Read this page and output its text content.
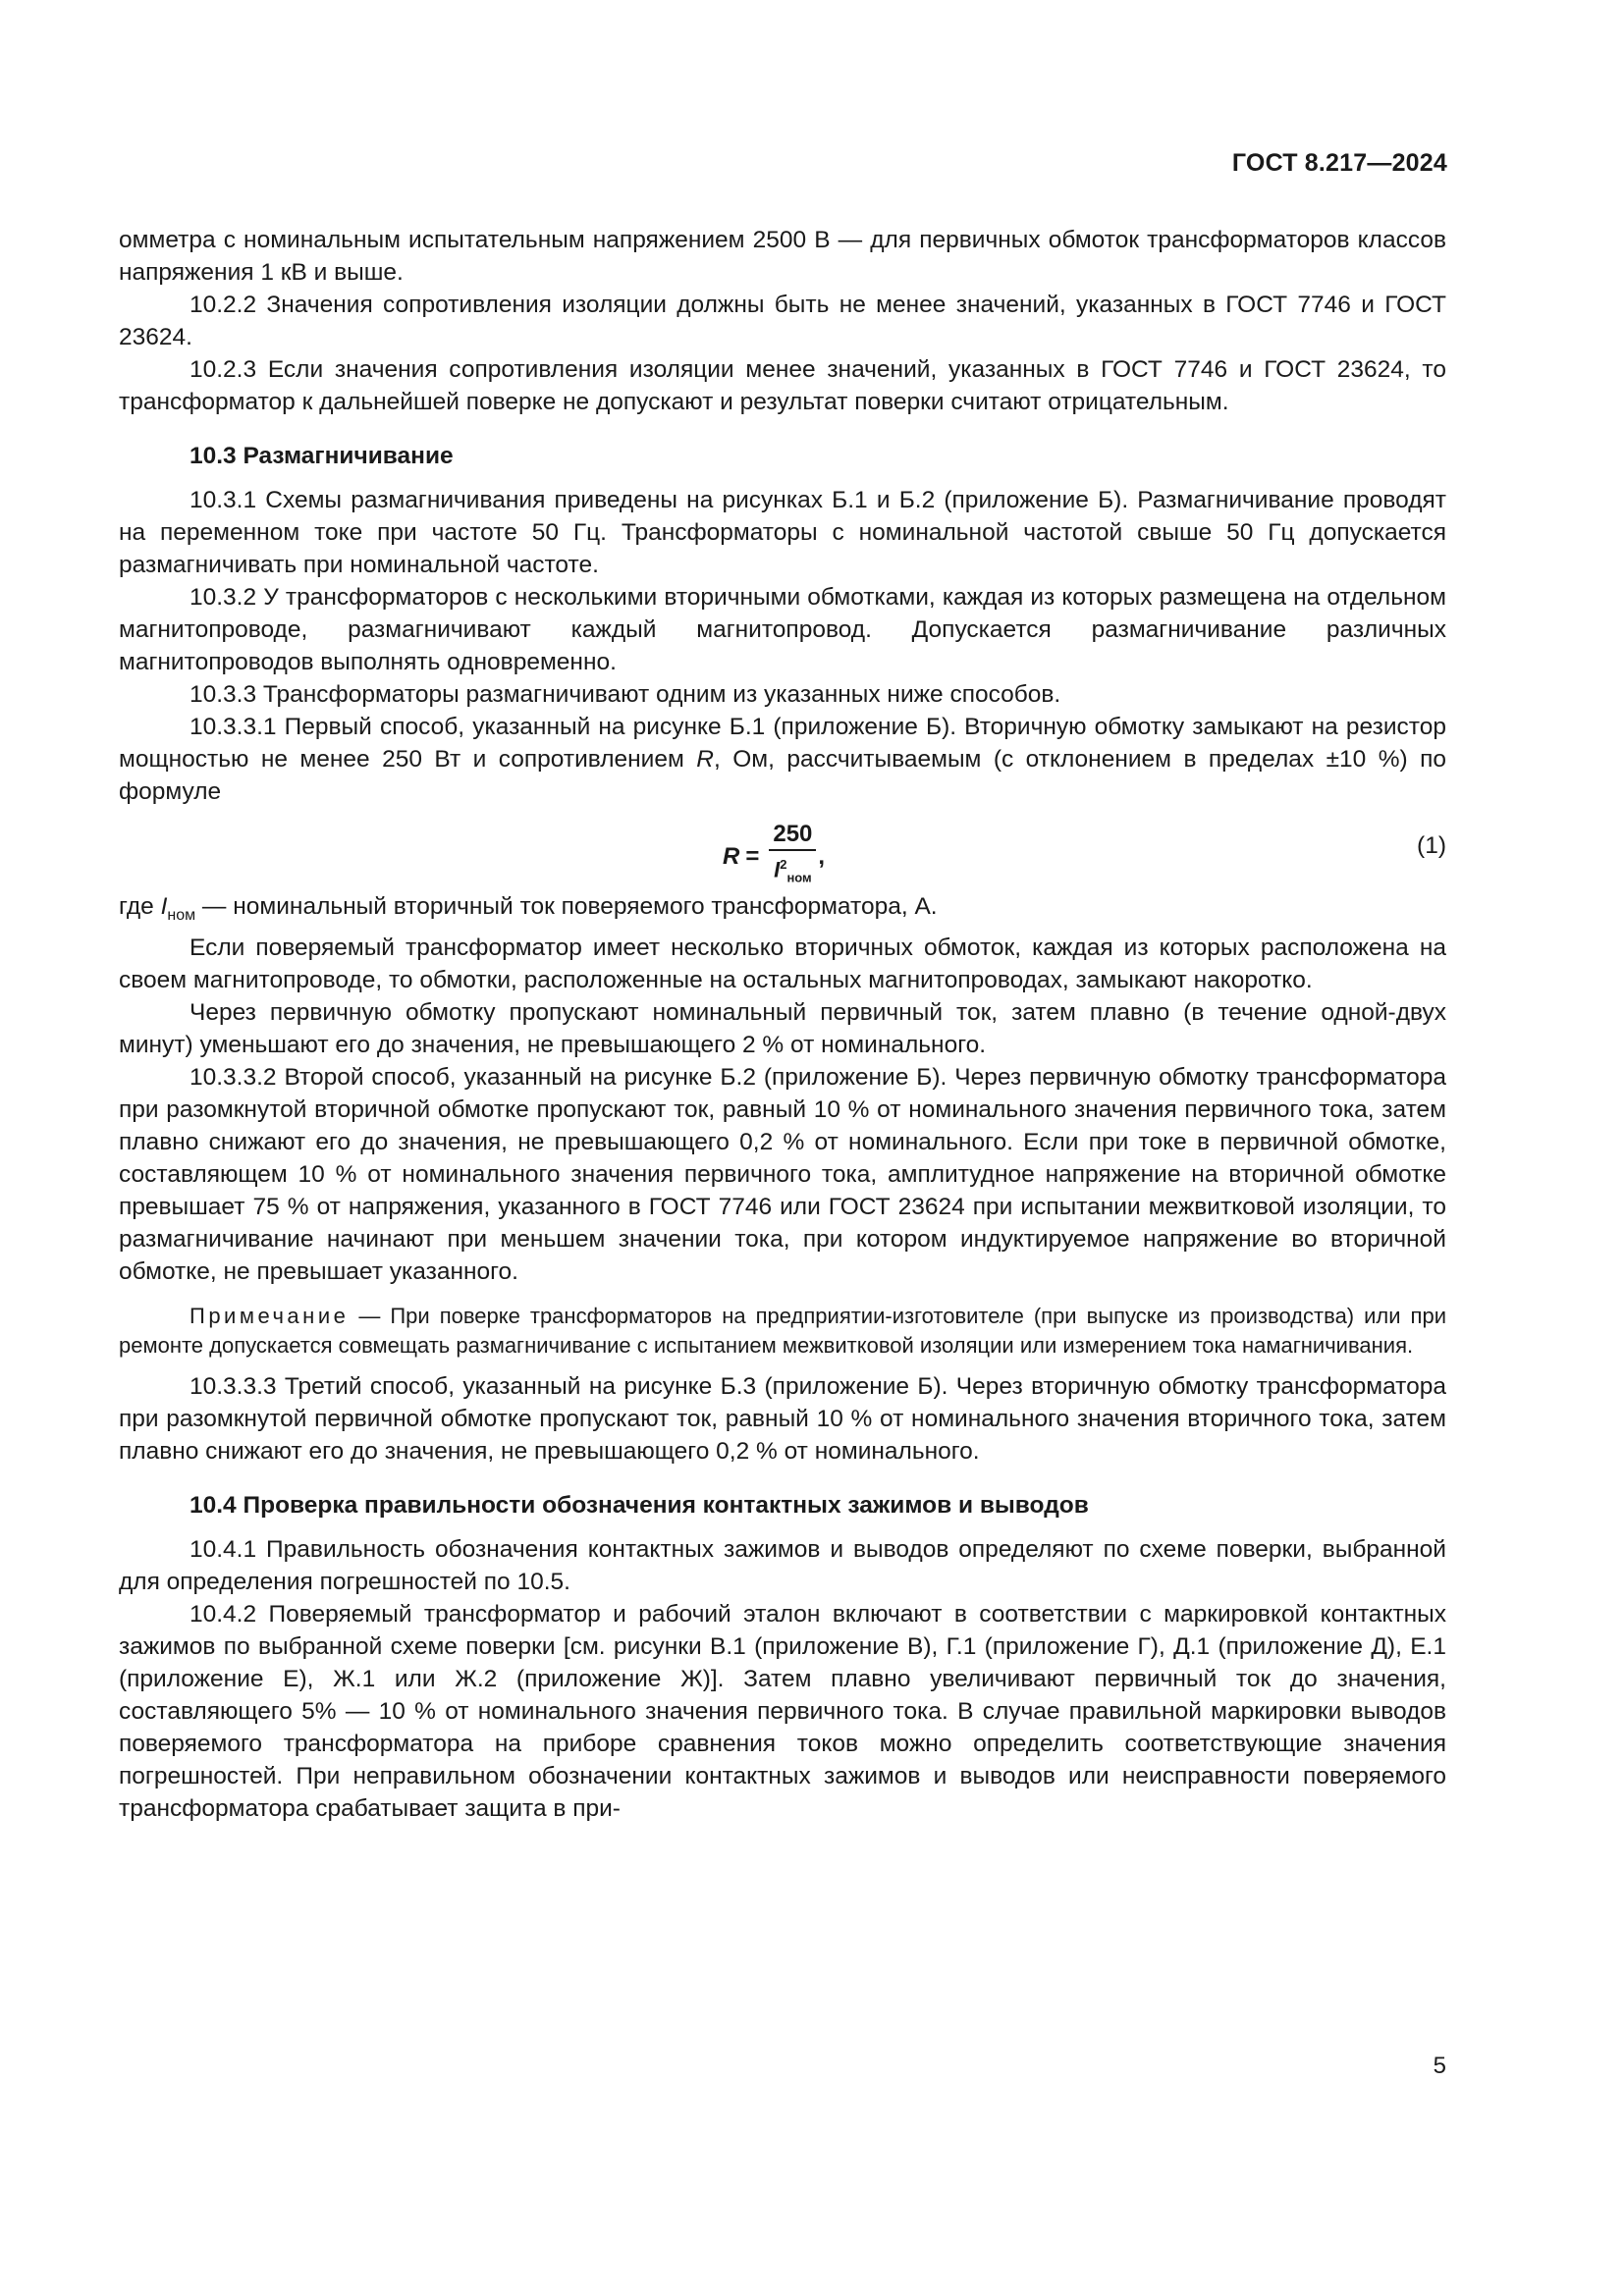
ГОСТ 8.217—2024

омметра с номинальным испытательным напряжением 2500 В — для первичных обмоток трансформаторов классов напряжения 1 кВ и выше.

10.2.2 Значения сопротивления изоляции должны быть не менее значений, указанных в ГОСТ 7746 и ГОСТ 23624.

10.2.3 Если значения сопротивления изоляции менее значений, указанных в ГОСТ 7746 и ГОСТ 23624, то трансформатор к дальнейшей поверке не допускают и результат поверки считают отрицательным.

10.3 Размагничивание

10.3.1 Схемы размагничивания приведены на рисунках Б.1 и Б.2 (приложение Б). Размагничивание проводят на переменном токе при частоте 50 Гц. Трансформаторы с номинальной частотой свыше 50 Гц допускается размагничивать при номинальной частоте.

10.3.2 У трансформаторов с несколькими вторичными обмотками, каждая из которых размещена на отдельном магнитопроводе, размагничивают каждый магнитопровод. Допускается размагничивание различных магнитопроводов выполнять одновременно.

10.3.3 Трансформаторы размагничивают одним из указанных ниже способов.

10.3.3.1 Первый способ, указанный на рисунке Б.1 (приложение Б). Вторичную обмотку замыкают на резистор мощностью не менее 250 Вт и сопротивлением R, Ом, рассчитываемым (с отклонением в пределах ±10 %) по формуле

$R = \frac{250}{I^2_{ном}}$ ,	(1)

где $I_{ном}$ — номинальный вторичный ток поверяемого трансформатора, А.

Если поверяемый трансформатор имеет несколько вторичных обмоток, каждая из которых расположена на своем магнитопроводе, то обмотки, расположенные на остальных магнитопроводах, замыкают накоротко.

Через первичную обмотку пропускают номинальный первичный ток, затем плавно (в течение одной-двух минут) уменьшают его до значения, не превышающего 2 % от номинального.

10.3.3.2 Второй способ, указанный на рисунке Б.2 (приложение Б). Через первичную обмотку трансформатора при разомкнутой вторичной обмотке пропускают ток, равный 10 % от номинального значения первичного тока, затем плавно снижают его до значения, не превышающего 0,2 % от номинального. Если при токе в первичной обмотке, составляющем 10 % от номинального значения первичного тока, амплитудное напряжение на вторичной обмотке превышает 75 % от напряжения, указанного в ГОСТ 7746 или ГОСТ 23624 при испытании межвитковой изоляции, то размагничивание начинают при меньшем значении тока, при котором индуктируемое напряжение во вторичной обмотке, не превышает указанного.

Примечание — При поверке трансформаторов на предприятии-изготовителе (при выпуске из производства) или при ремонте допускается совмещать размагничивание с испытанием межвитковой изоляции или измерением тока намагничивания.

10.3.3.3 Третий способ, указанный на рисунке Б.3 (приложение Б). Через вторичную обмотку трансформатора при разомкнутой первичной обмотке пропускают ток, равный 10 % от номинального значения вторичного тока, затем плавно снижают его до значения, не превышающего 0,2 % от номинального.

10.4 Проверка правильности обозначения контактных зажимов и выводов

10.4.1 Правильность обозначения контактных зажимов и выводов определяют по схеме поверки, выбранной для определения погрешностей по 10.5.

10.4.2 Поверяемый трансформатор и рабочий эталон включают в соответствии с маркировкой контактных зажимов по выбранной схеме поверки [см. рисунки В.1 (приложение В), Г.1 (приложение Г), Д.1 (приложение Д), Е.1 (приложение Е), Ж.1 или Ж.2 (приложение Ж)]. Затем плавно увеличивают первичный ток до значения, составляющего 5% — 10 % от номинального значения первичного тока. В случае правильной маркировки выводов поверяемого трансформатора на приборе сравнения токов можно определить соответствующие значения погрешностей. При неправильном обозначении контактных зажимов и выводов или неисправности поверяемого трансформатора срабатывает защита в при-

5
